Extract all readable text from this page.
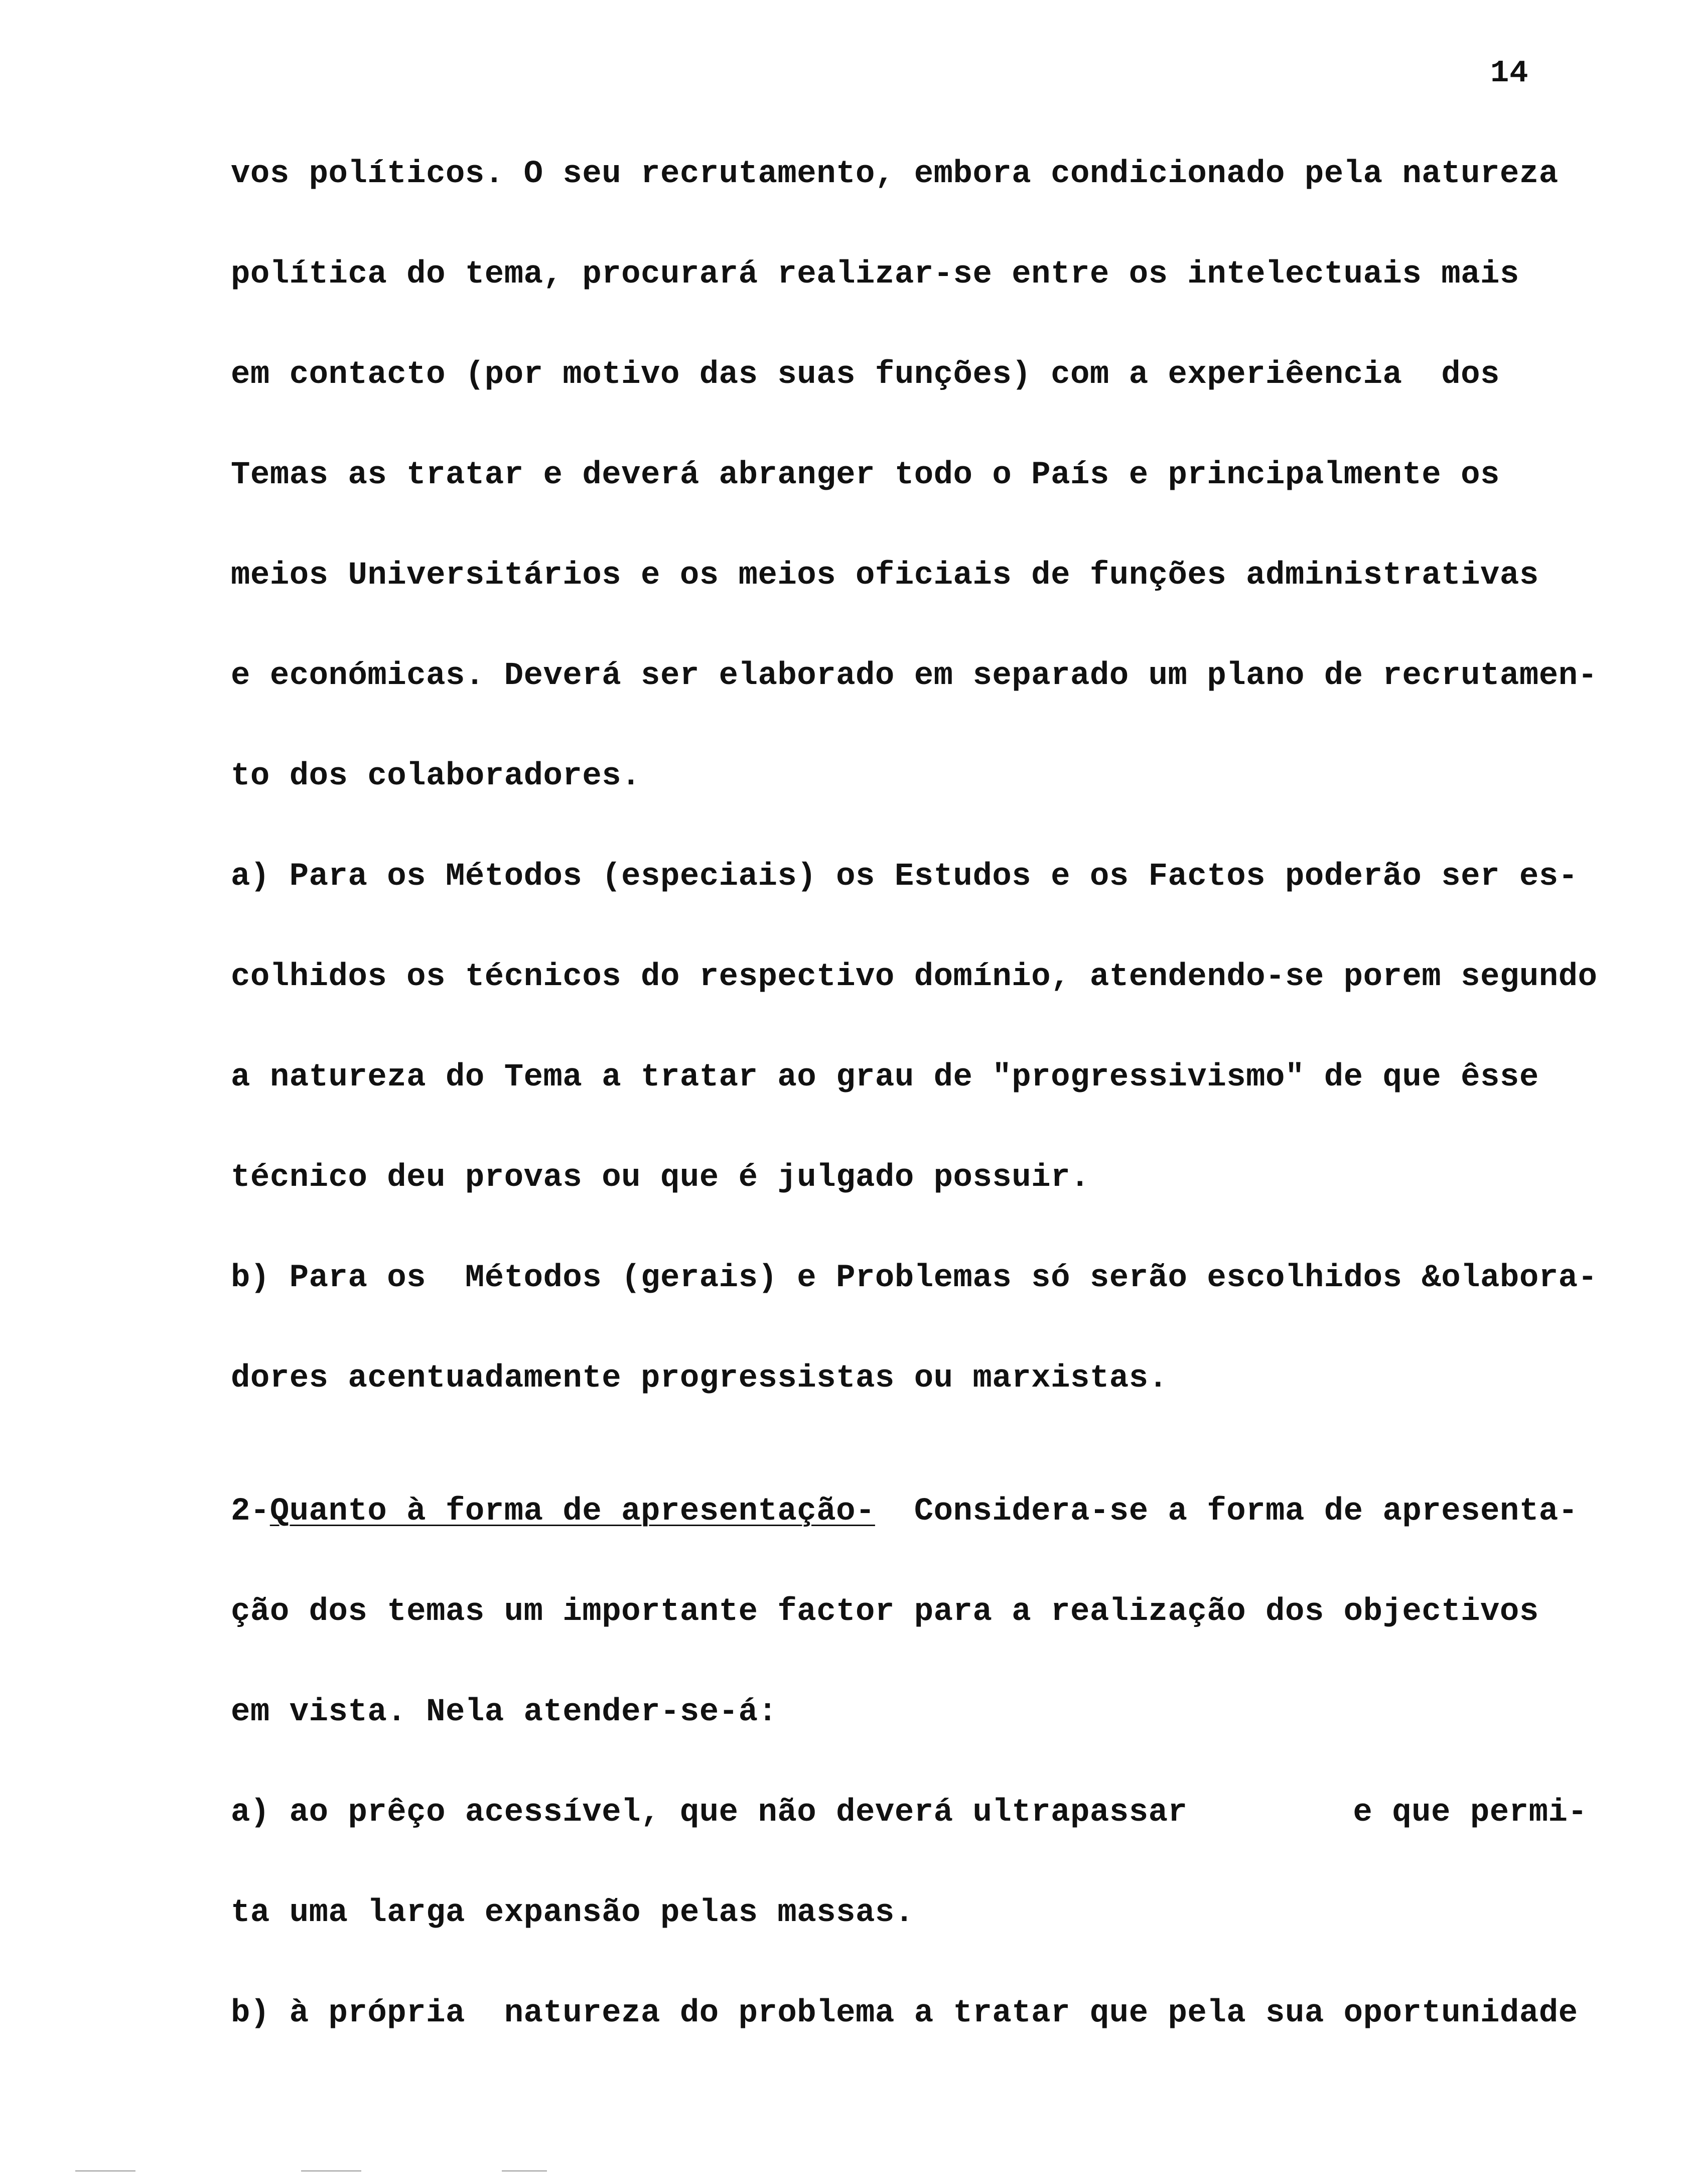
14
vos políticos. O seu recrutamento, embora condicionado pela natureza
política do tema, procurará realizar-se entre os intelectuais mais
em contacto (por motivo das suas funções) com a experiêencia  dos
Temas as tratar e deverá abranger todo o País e principalmente os
meios Universitários e os meios oficiais de funções administrativas
e económicas. Deverá ser elaborado em separado um plano de recrutamen-
to dos colaboradores.
a) Para os Métodos (especiais) os Estudos e os Factos poderão ser es-
colhidos os técnicos do respectivo domínio, atendendo-se porem segundo
a natureza do Tema a tratar ao grau de "progressivismo" de que êsse
técnico deu provas ou que é julgado possuir.
b) Para os  Métodos (gerais) e Problemas só serão escolhidos &olabora-
dores acentuadamente progressistas ou marxistas.
2-Quanto à forma de apresentação- Considera-se a forma de apresenta-
ção dos temas um importante factor para a realização dos objectivos
em vista. Nela atender-se-á:
a) ao prêço acessível, que não deverá ultrapassar	e que permi-
ta uma larga expansão pelas massas.
b) à própria  natureza do problema a tratar que pela sua oportunidade
